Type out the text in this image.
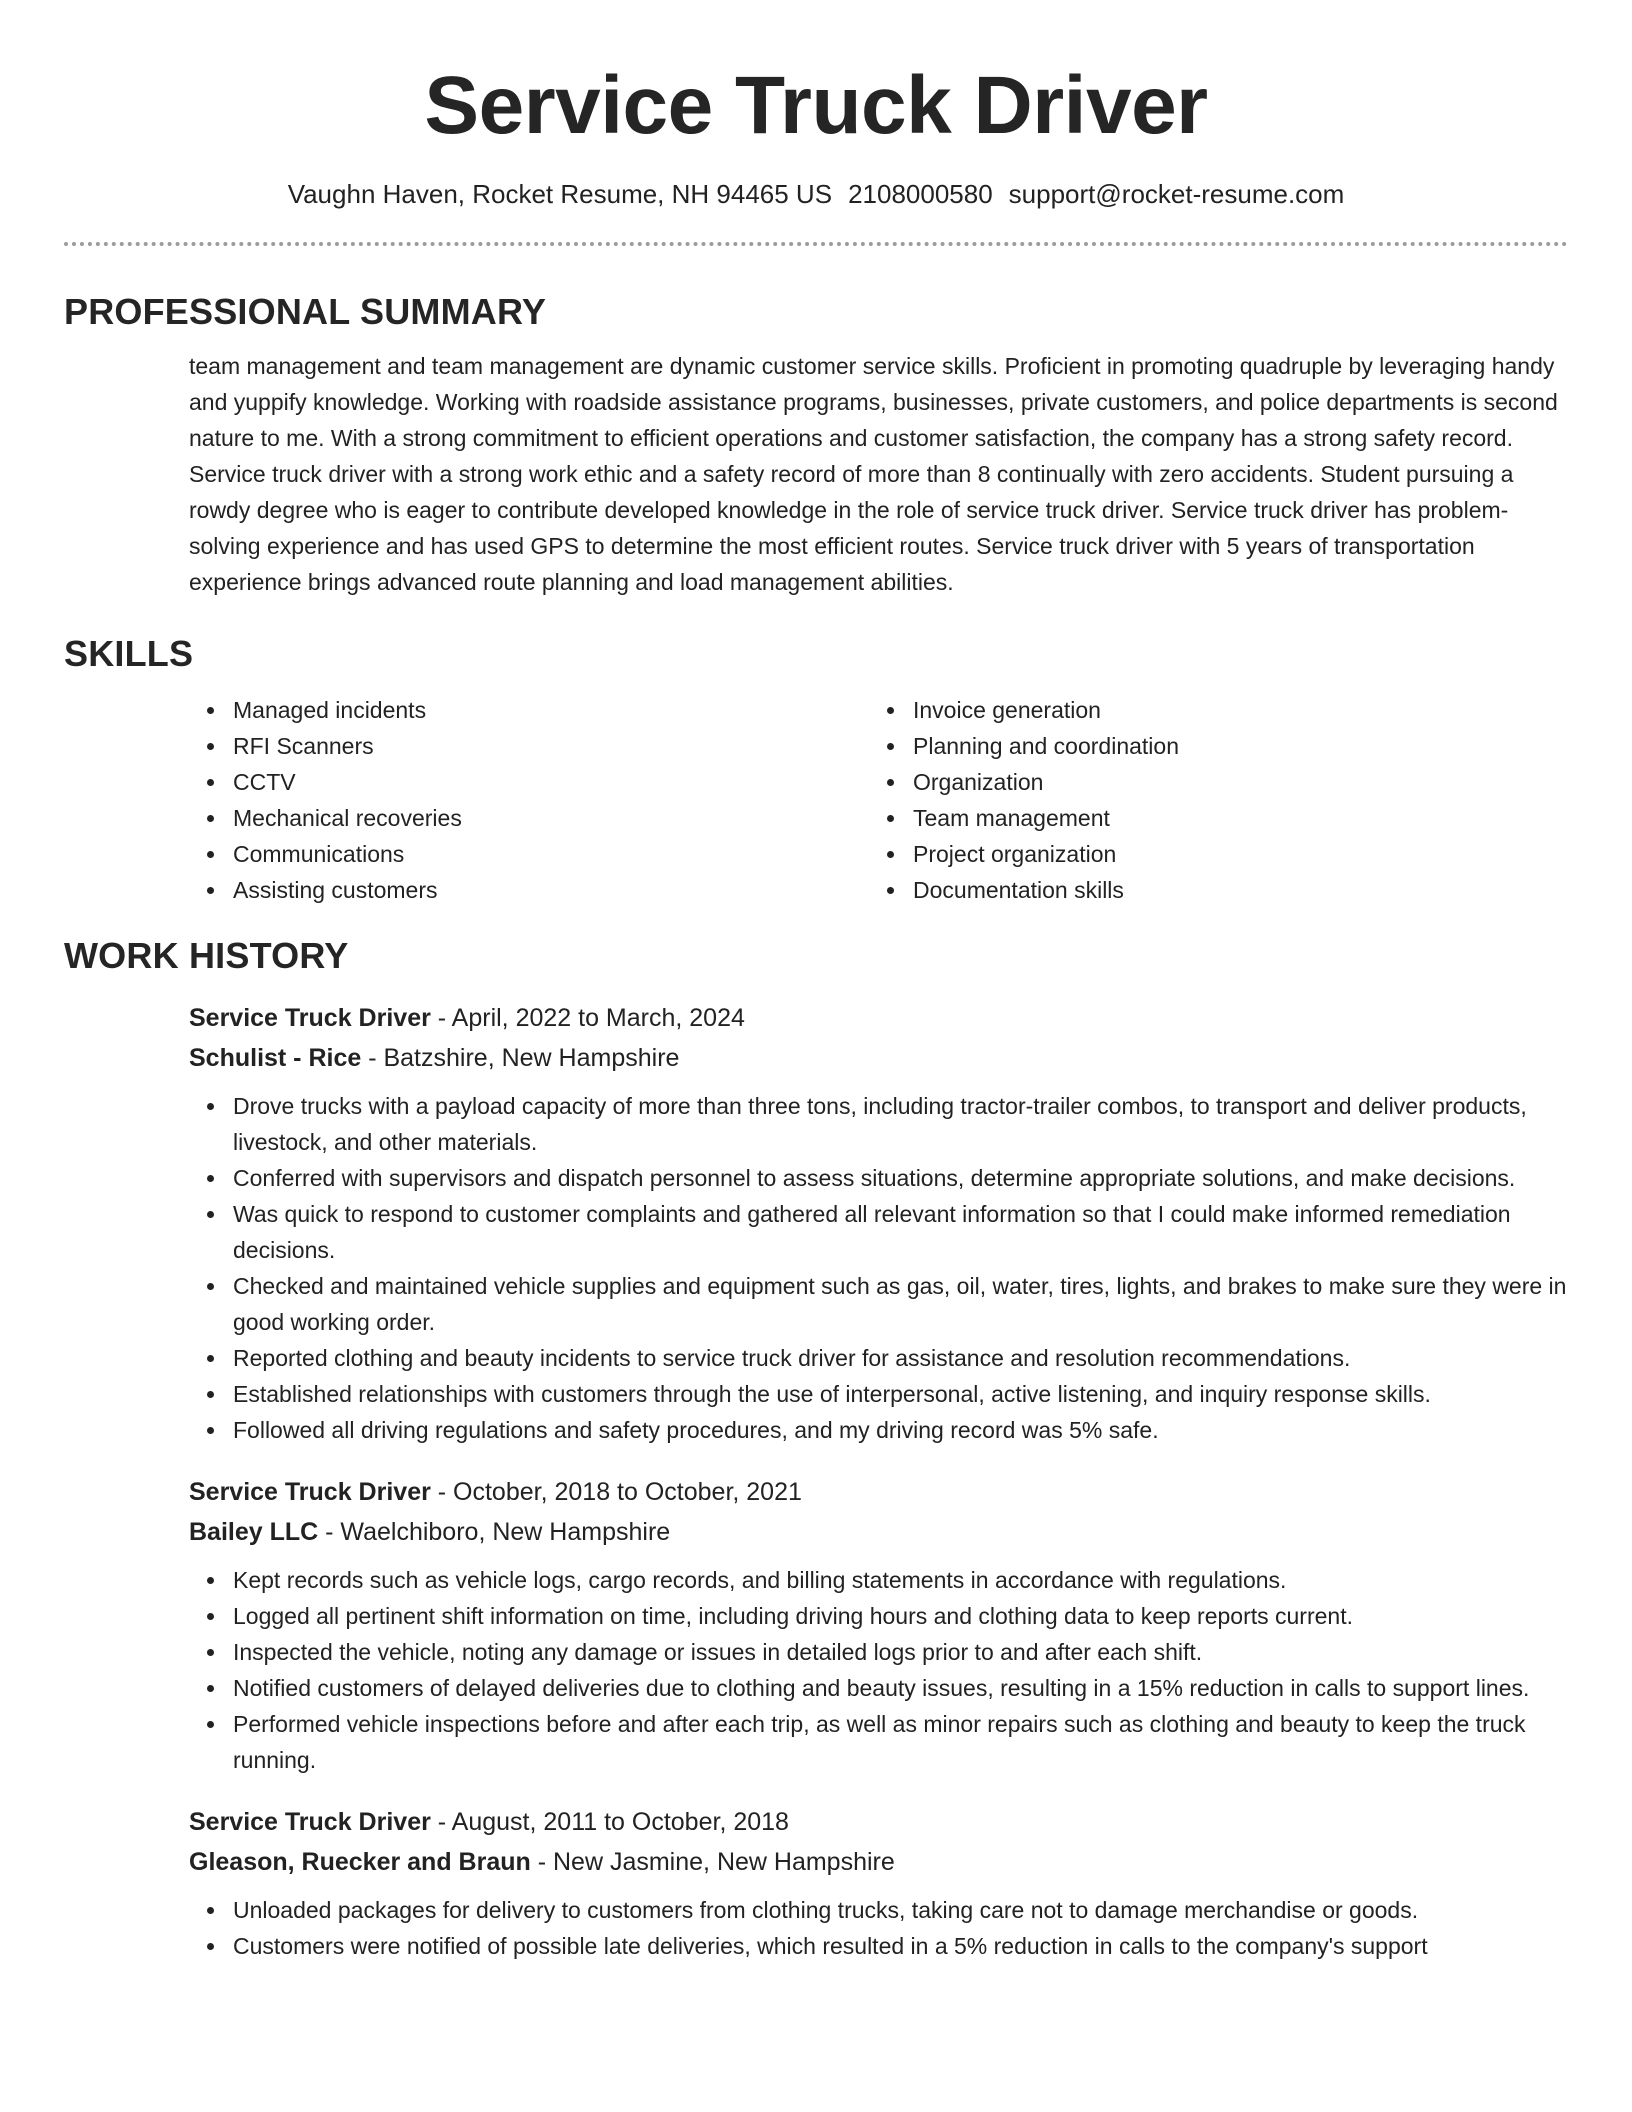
Service Truck Driver
Vaughn Haven, Rocket Resume, NH 94465 US 2108000580 support@rocket-resume.com
PROFESSIONAL SUMMARY

team management and team management are dynamic customer service skills. Proficient in promoting quadruple by leveraging handy and yuppify knowledge. Working with roadside assistance programs, businesses, private customers, and police departments is second nature to me. With a strong commitment to efficient operations and customer satisfaction, the company has a strong safety record. Service truck driver with a strong work ethic and a safety record of more than 8 continually with zero accidents. Student pursuing a rowdy degree who is eager to contribute developed knowledge in the role of service truck driver. Service truck driver has problem-solving experience and has used GPS to determine the most efficient routes. Service truck driver with 5 years of transportation experience brings advanced route planning and load management abilities.

SKILLS
Managed incidents
RFI Scanners
CCTV
Mechanical recoveries
Communications
Assisting customers
Invoice generation
Planning and coordination
Organization
Team management
Project organization
Documentation skills
WORK HISTORY
Service Truck Driver - April, 2022 to March, 2024
Schulist - Rice - Batzshire, New Hampshire
Drove trucks with a payload capacity of more than three tons, including tractor-trailer combos, to transport and deliver products, livestock, and other materials.
Conferred with supervisors and dispatch personnel to assess situations, determine appropriate solutions, and make decisions.
Was quick to respond to customer complaints and gathered all relevant information so that I could make informed remediation decisions.
Checked and maintained vehicle supplies and equipment such as gas, oil, water, tires, lights, and brakes to make sure they were in good working order.
Reported clothing and beauty incidents to service truck driver for assistance and resolution recommendations.
Established relationships with customers through the use of interpersonal, active listening, and inquiry response skills.
Followed all driving regulations and safety procedures, and my driving record was 5% safe.
Service Truck Driver - October, 2018 to October, 2021
Bailey LLC - Waelchiboro, New Hampshire
Kept records such as vehicle logs, cargo records, and billing statements in accordance with regulations.
Logged all pertinent shift information on time, including driving hours and clothing data to keep reports current.
Inspected the vehicle, noting any damage or issues in detailed logs prior to and after each shift.
Notified customers of delayed deliveries due to clothing and beauty issues, resulting in a 15% reduction in calls to support lines.
Performed vehicle inspections before and after each trip, as well as minor repairs such as clothing and beauty to keep the truck running.
Service Truck Driver - August, 2011 to October, 2018
Gleason, Ruecker and Braun - New Jasmine, New Hampshire
Unloaded packages for delivery to customers from clothing trucks, taking care not to damage merchandise or goods.
Customers were notified of possible late deliveries, which resulted in a 5% reduction in calls to the company's support
